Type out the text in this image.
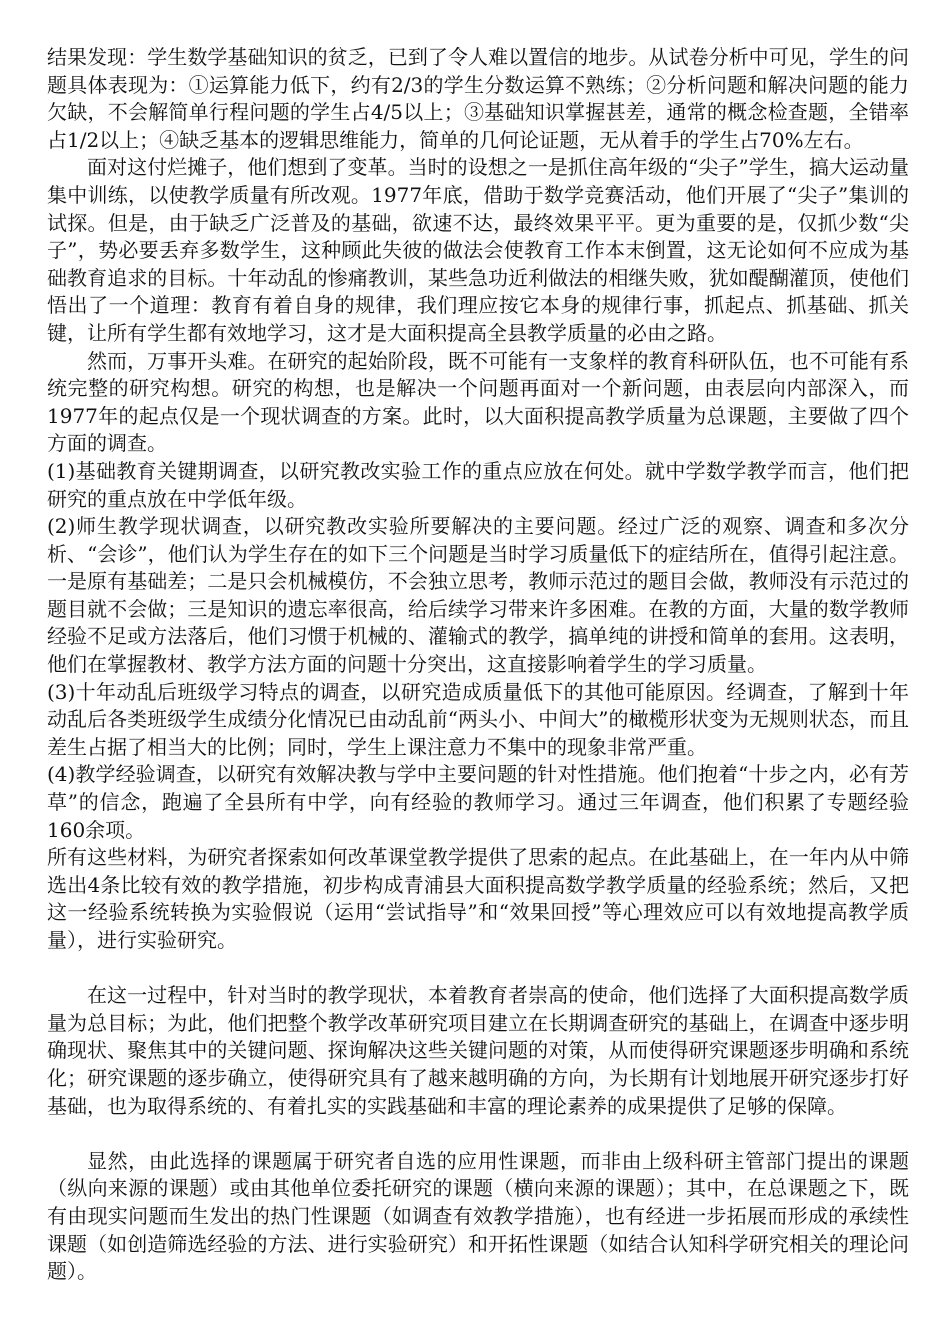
结果发现：学生数学基础知识的贫乏，已到了令人难以置信的地步。从试卷分析中可见，学生的问题具体表现为：①运算能力低下，约有2/3的学生分数运算不熟练；②分析问题和解决问题的能力欠缺，不会解简单行程问题的学生占4/5以上；③基础知识掌握甚差，通常的概念检查题，全错率占1/2以上；④缺乏基本的逻辑思维能力，简单的几何论证题，无从着手的学生占70%左右。

面对这付烂摊子，他们想到了变革。当时的设想之一是抓住高年级的“尖子”学生，搞大运动量集中训练，以使教学质量有所改观。1977年底，借助于数学竞赛活动，他们开展了“尖子”集训的试探。但是，由于缺乏广泛普及的基础，欲速不达，最终效果平平。更为重要的是，仅抓少数“尖子”，势必要丢弃多数学生，这种顾此失彼的做法会使教育工作本末倒置，这无论如何不应成为基础教育追求的目标。十年动乱的惨痛教训，某些急功近利做法的相继失败，犹如醍醐灌顶，使他们悟出了一个道理：教育有着自身的规律，我们理应按它本身的规律行事，抓起点、抓基础、抓关键，让所有学生都有效地学习，这才是大面积提高全县教学质量的必由之路。

然而，万事开头难。在研究的起始阶段，既不可能有一支象样的教育科研队伍，也不可能有系统完整的研究构想。研究的构想，也是解决一个问题再面对一个新问题，由表层向内部深入，而1977年的起点仅是一个现状调查的方案。此时，以大面积提高教学质量为总课题，主要做了四个方面的调查。

(1)基础教育关键期调查，以研究教改实验工作的重点应放在何处。就中学数学教学而言，他们把研究的重点放在中学低年级。

(2)师生教学现状调查，以研究教改实验所要解决的主要问题。经过广泛的观察、调查和多次分析、“会诊”，他们认为学生存在的如下三个问题是当时学习质量低下的症结所在，值得引起注意。一是原有基础差；二是只会机械模仿，不会独立思考，教师示范过的题目会做，教师没有示范过的题目就不会做；三是知识的遗忘率很高，给后续学习带来许多困难。在教的方面，大量的数学教师经验不足或方法落后，他们习惯于机械的、灌输式的教学，搞单纯的讲授和简单的套用。这表明，他们在掌握教材、教学方法方面的问题十分突出，这直接影响着学生的学习质量。

(3)十年动乱后班级学习特点的调查，以研究造成质量低下的其他可能原因。经调查，了解到十年动乱后各类班级学生成绩分化情况已由动乱前“两头小、中间大”的橄榄形状变为无规则状态，而且差生占据了相当大的比例；同时，学生上课注意力不集中的现象非常严重。

(4)教学经验调查，以研究有效解决教与学中主要问题的针对性措施。他们抱着“十步之内，必有芳草”的信念，跑遍了全县所有中学，向有经验的教师学习。通过三年调查，他们积累了专题经验160余项。

所有这些材料，为研究者探索如何改革课堂教学提供了思索的起点。在此基础上，在一年内从中筛选出4条比较有效的教学措施，初步构成青浦县大面积提高数学教学质量的经验系统；然后，又把这一经验系统转换为实验假说（运用“尝试指导”和“效果回授”等心理效应可以有效地提高教学质量），进行实验研究。

在这一过程中，针对当时的教学现状，本着教育者崇高的使命，他们选择了大面积提高数学质量为总目标；为此，他们把整个教学改革研究项目建立在长期调查研究的基础上，在调查中逐步明确现状、聚焦其中的关键问题、探询解决这些关键问题的对策，从而使得研究课题逐步明确和系统化；研究课题的逐步确立，使得研究具有了越来越明确的方向，为长期有计划地展开研究逐步打好基础，也为取得系统的、有着扎实的实践基础和丰富的理论素养的成果提供了足够的保障。

显然，由此选择的课题属于研究者自选的应用性课题，而非由上级科研主管部门提出的课题（纵向来源的课题）或由其他单位委托研究的课题（横向来源的课题）；其中，在总课题之下，既有由现实问题而生发出的热门性课题（如调查有效教学措施），也有经进一步拓展而形成的承续性课题（如创造筛选经验的方法、进行实验研究）和开拓性课题（如结合认知科学研究相关的理论问题）。
